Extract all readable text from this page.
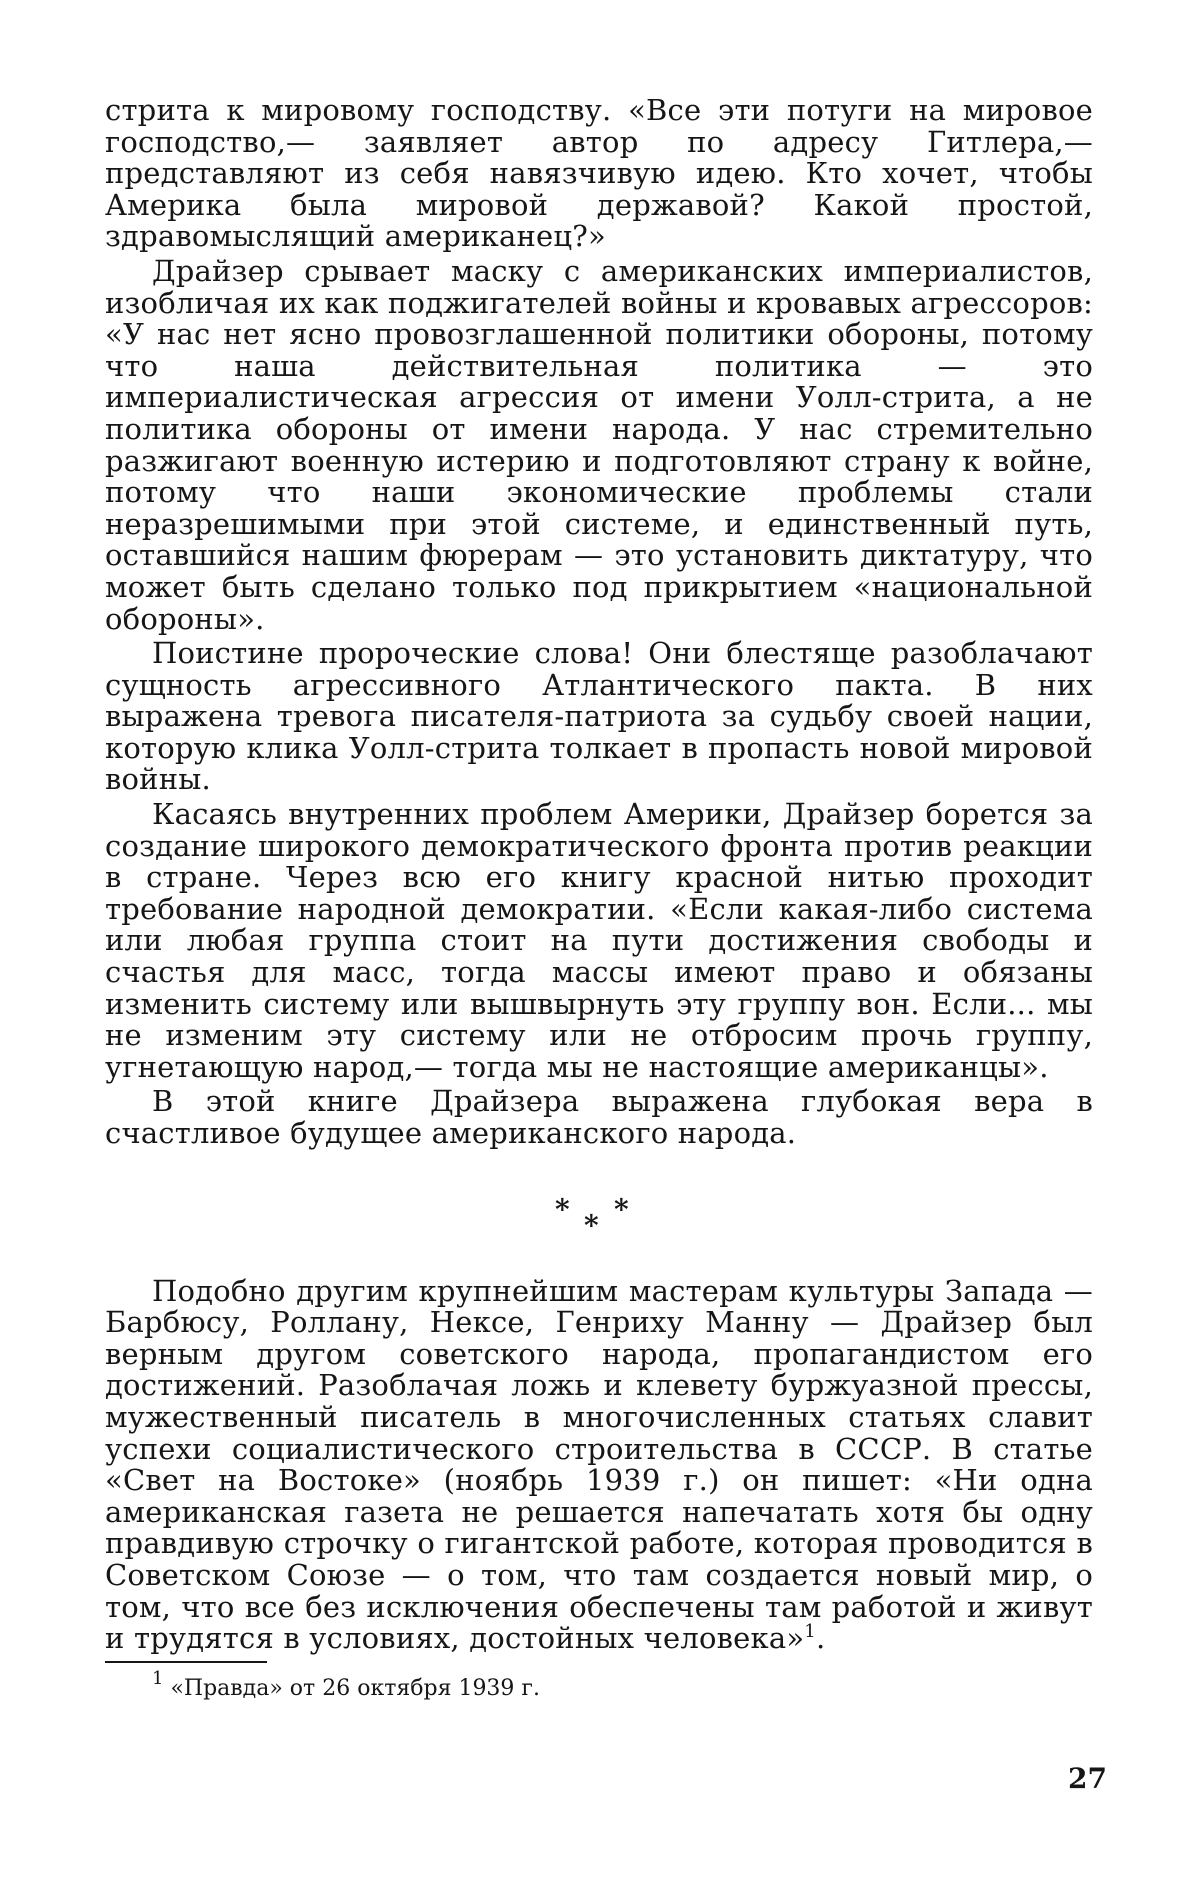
стрита к мировому господству. «Все эти потуги на мировое господство,— заявляет автор по адресу Гитлера,— представляют из себя навязчивую идею. Кто хочет, чтобы Америка была мировой державой? Какой простой, здравомыслящий американец?»

Драйзер срывает маску с американских империалистов, изобличая их как поджигателей войны и кровавых агрессоров: «У нас нет ясно провозглашенной политики обороны, потому что наша действительная политика — это империалистическая агрессия от имени Уолл-стрита, а не политика обороны от имени народа. У нас стремительно разжигают военную истерию и подготовляют страну к войне, потому что наши экономические проблемы стали неразрешимыми при этой системе, и единственный путь, оставшийся нашим фюрерам — это установить диктатуру, что может быть сделано только под прикрытием «национальной обороны».

Поистине пророческие слова! Они блестяще разоблачают сущность агрессивного Атлантического пакта. В них выражена тревога писателя-патриота за судьбу своей нации, которую клика Уолл-стрита толкает в пропасть новой мировой войны.

Касаясь внутренних проблем Америки, Драйзер борется за создание широкого демократического фронта против реакции в стране. Через всю его книгу красной нитью проходит требование народной демократии. «Если какая-либо система или любая группа стоит на пути достижения свободы и счастья для масс, тогда массы имеют право и обязаны изменить систему или вышвырнуть эту группу вон. Если... мы не изменим эту систему или не отбросим прочь группу, угнетающую народ,— тогда мы не настоящие американцы».

В этой книге Драйзера выражена глубокая вера в счастливое будущее американского народа.

* * *

Подобно другим крупнейшим мастерам культуры Запада — Барбюсу, Роллану, Нексе, Генриху Манну — Драйзер был верным другом советского народа, пропагандистом его достижений. Разоблачая ложь и клевету буржуазной прессы, мужественный писатель в многочисленных статьях славит успехи социалистического строительства в СССР. В статье «Свет на Востоке» (ноябрь 1939 г.) он пишет: «Ни одна американская газета не решается напечатать хотя бы одну правдивую строчку о гигантской работе, которая проводится в Советском Союзе — о том, что там создается новый мир, о том, что все без исключения обеспечены там работой и живут и трудятся в условиях, достойных человека»$^1$.

$^1$ «Правда» от 26 октября 1939 г.

27
